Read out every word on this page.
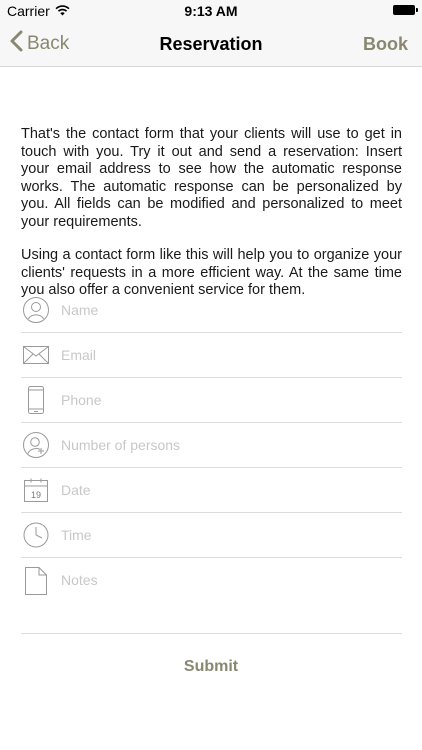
Carrier	9:13 AM
Back	Reservation	Book

That's the contact form that your clients will use to get in touch with you. Try it out and send a reservation: Insert your email address to see how the automatic response works. The automatic response can be personalized by you. All fields can be modified and personalized to meet your requirements.

Using a contact form like this will help you to organize your clients' requests in a more efficient way. At the same time you also offer a convenient service for them.

Name
Email
Phone
Number of persons
19
Date
Time
Notes
Submit
